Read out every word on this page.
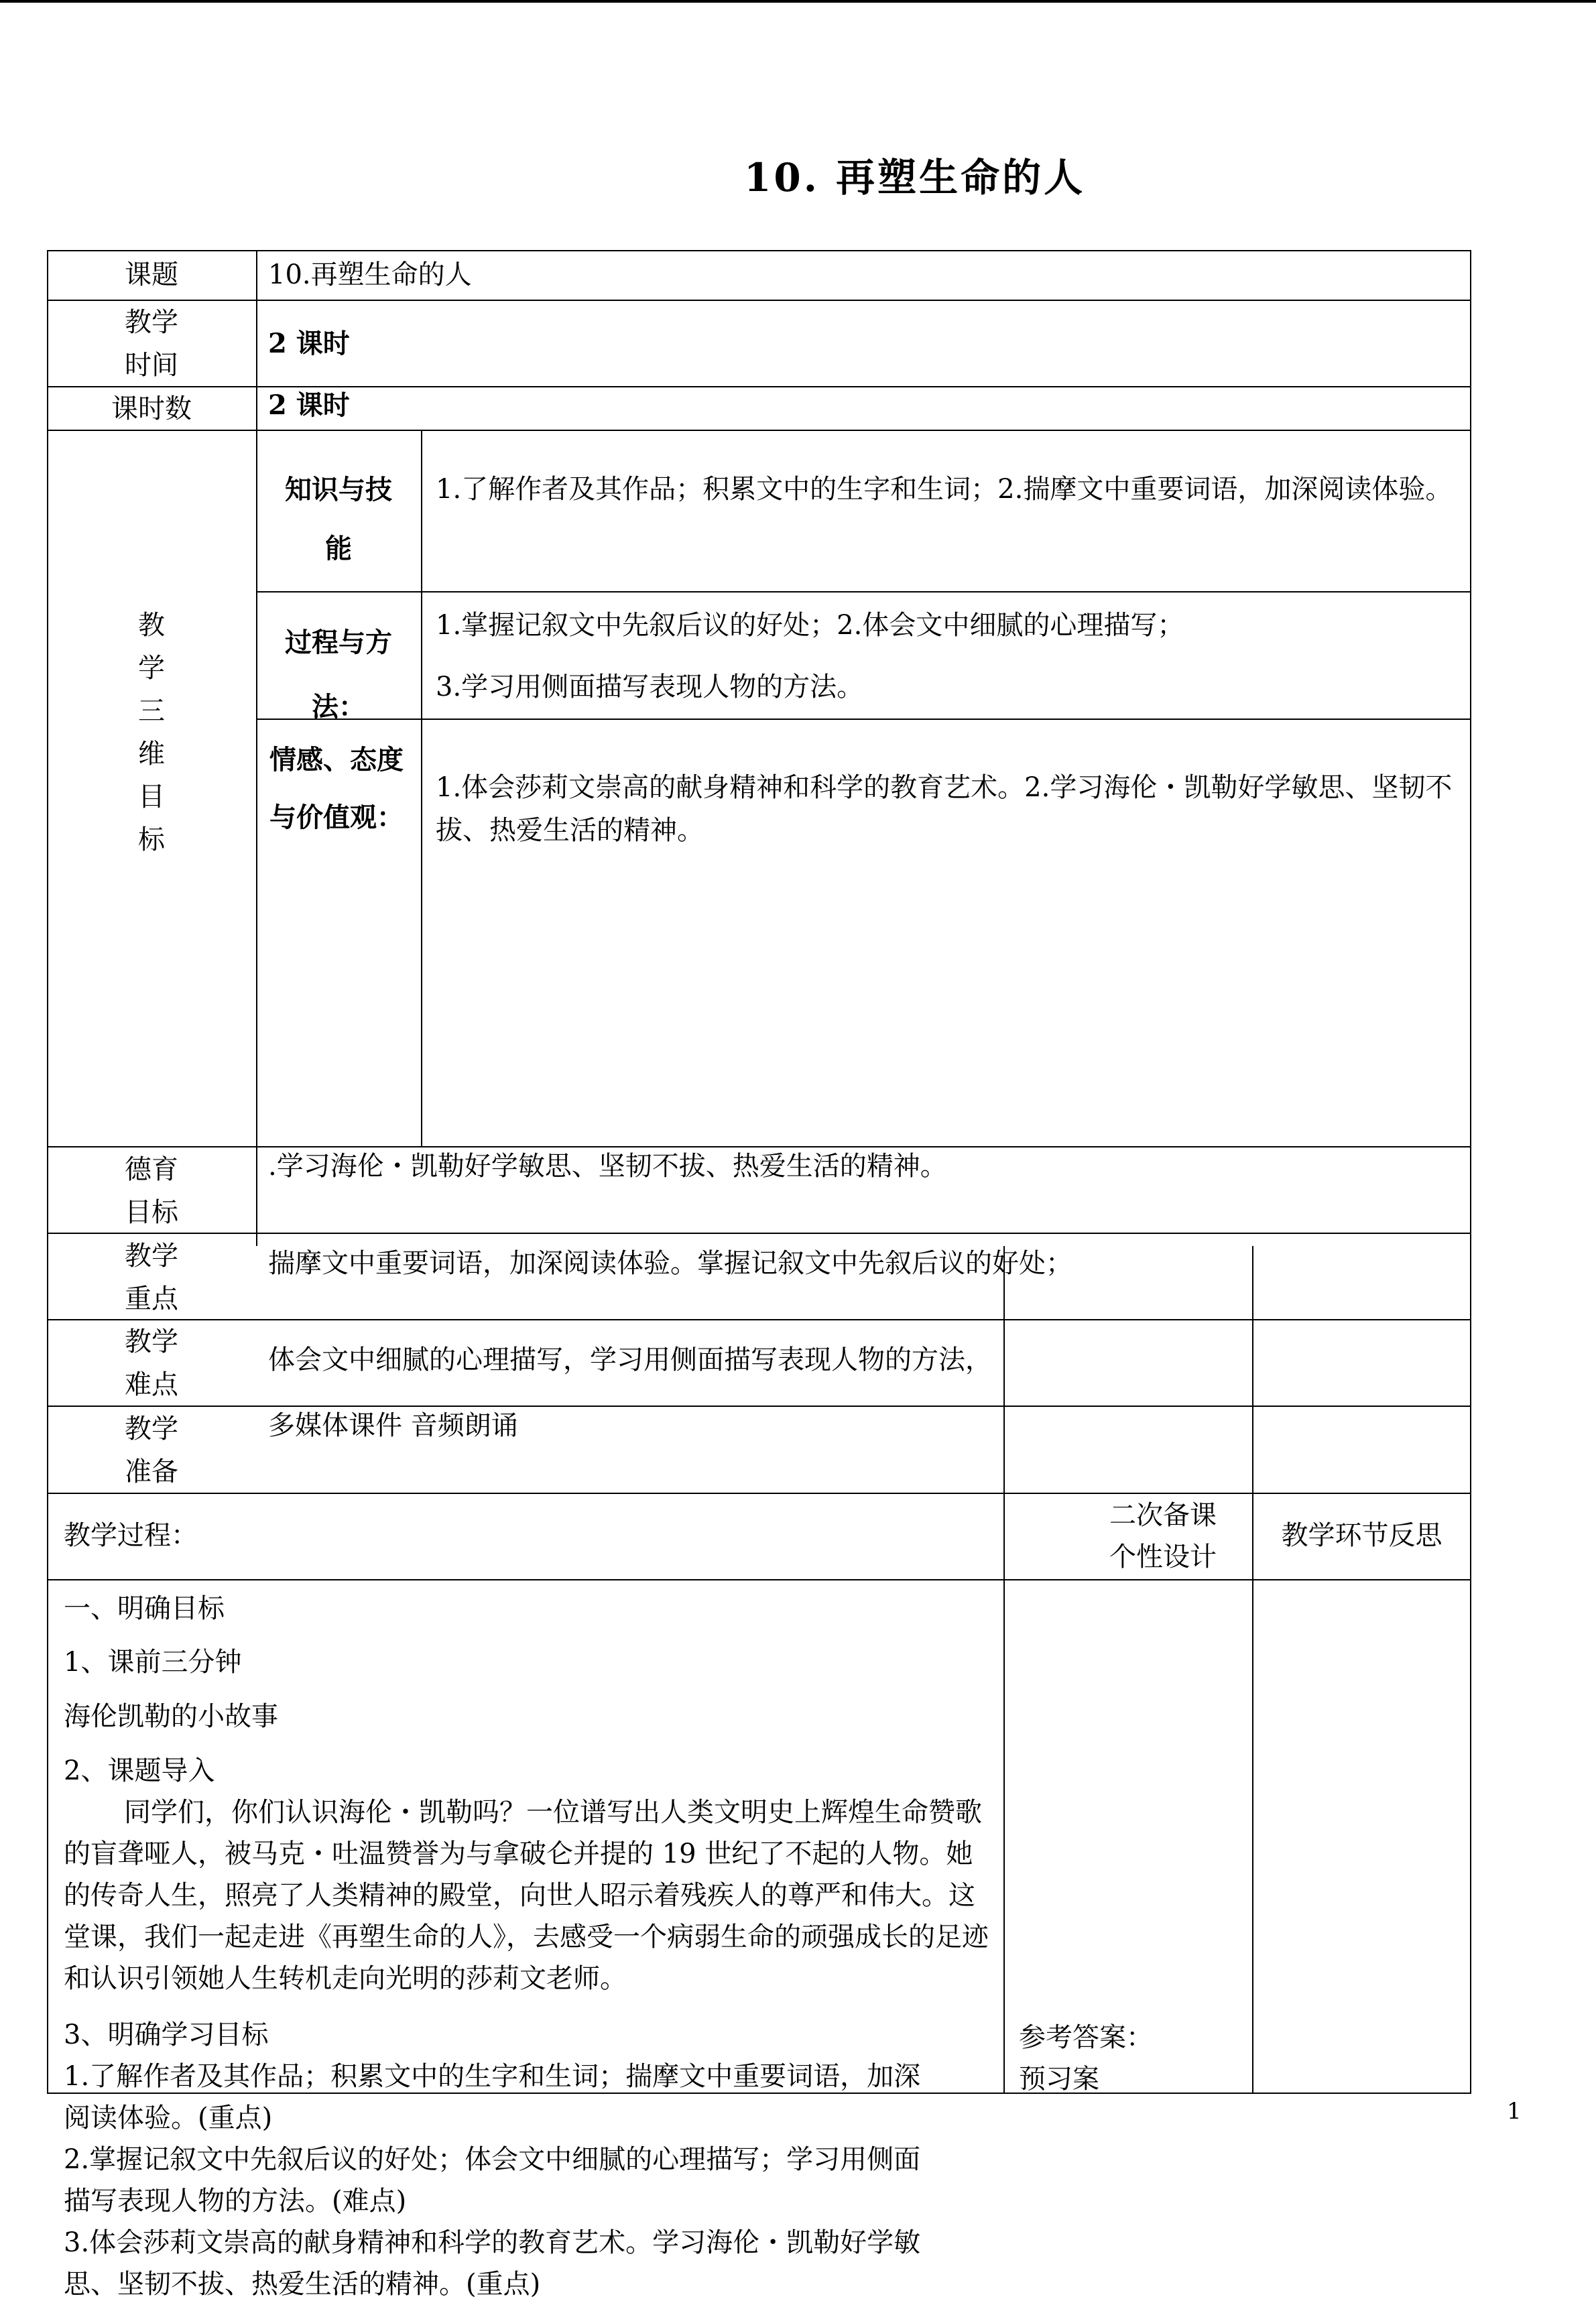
10. 再塑生命的人
课题	10.再塑生命的人
教学时间
2 课时
课时数	2 课时
教学三维目标
知识与技能
1.了解作者及其作品；积累文中的生字和生词；2.揣摩文中重要词语，加深阅读体验。
过程与方法：
1.掌握记叙文中先叙后议的好处；2.体会文中细腻的心理描写；
3.学习用侧面描写表现人物的方法。
情感、态度与价值观：
1.体会莎莉文崇高的献身精神和科学的教育艺术。2.学习海伦・凯勒好学敏思、坚韧不拔、热爱生活的精神。
德育目标
.学习海伦・凯勒好学敏思、坚韧不拔、热爱生活的精神。
教学重点
揣摩文中重要词语，加深阅读体验。掌握记叙文中先叙后议的好处；
教学难点
体会文中细腻的心理描写，学习用侧面描写表现人物的方法，
教学准备
多媒体课件 音频朗诵
教学过程：
二次备课个性设计
教学环节反思
一、明确目标
1、课前三分钟
海伦凯勒的小故事
2、课题导入
同学们，你们认识海伦・凯勒吗？一位谱写出人类文明史上辉煌生命赞歌的盲聋哑人，被马克・吐温赞誉为与拿破仑并提的 19 世纪了不起的人物。她的传奇人生，照亮了人类精神的殿堂，向世人昭示着残疾人的尊严和伟大。这堂课，我们一起走进《再塑生命的人》，去感受一个病弱生命的顽强成长的足迹和认识引领她人生转机走向光明的莎莉文老师。
3、明确学习目标
1.了解作者及其作品；积累文中的生字和生词；揣摩文中重要词语，加深阅读体验。(重点)
2.掌握记叙文中先叙后议的好处；体会文中细腻的心理描写；学习用侧面描写表现人物的方法。(难点)
3.体会莎莉文崇高的献身精神和科学的教育艺术。学习海伦・凯勒好学敏思、坚韧不拔、热爱生活的精神。(重点)
参考答案：
预习案
1
